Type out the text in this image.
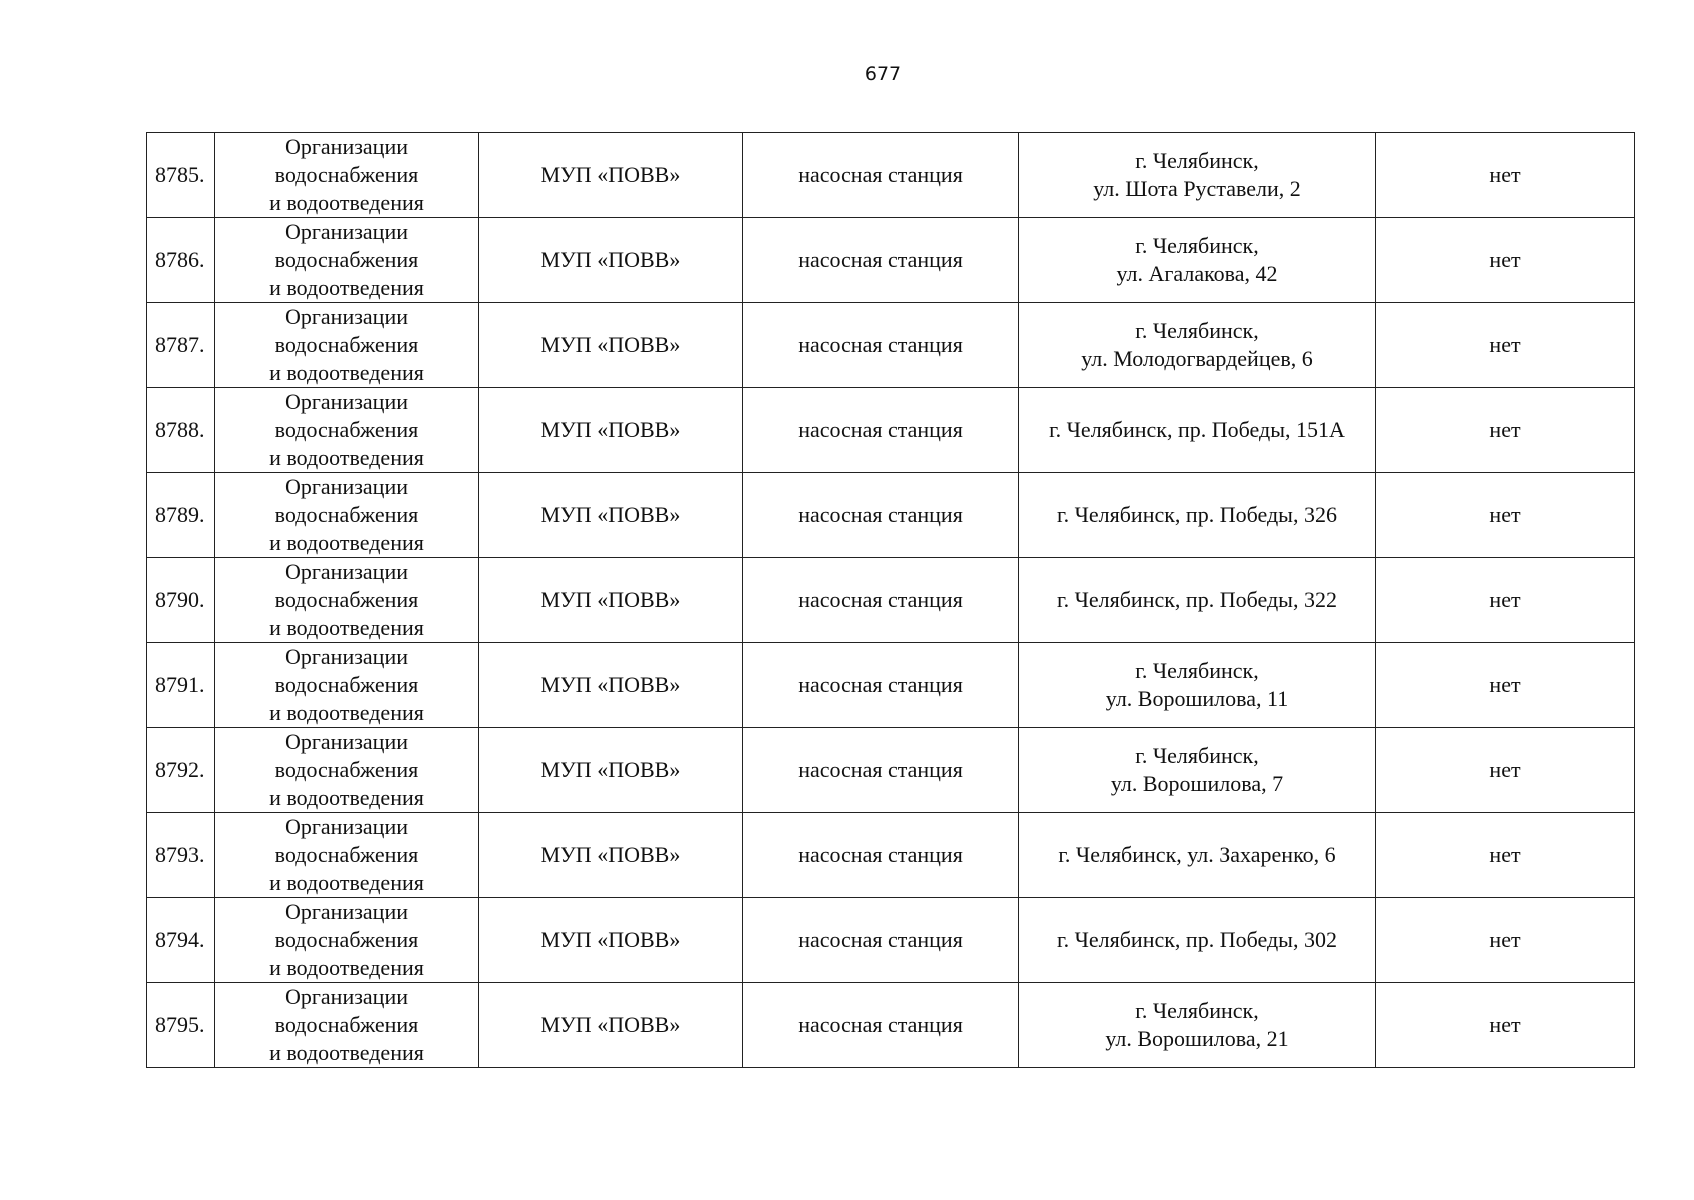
677
8785.	Организации
водоснабжения
и водоотведения	МУП «ПОВВ»	насосная станция	г. Челябинск,
ул. Шота Руставели, 2	нет
8786.	Организации
водоснабжения
и водоотведения	МУП «ПОВВ»	насосная станция	г. Челябинск,
ул. Агалакова, 42	нет
8787.	Организации
водоснабжения
и водоотведения	МУП «ПОВВ»	насосная станция	г. Челябинск,
ул. Молодогвардейцев, 6	нет
8788.	Организации
водоснабжения
и водоотведения	МУП «ПОВВ»	насосная станция	г. Челябинск, пр. Победы, 151А	нет
8789.	Организации
водоснабжения
и водоотведения	МУП «ПОВВ»	насосная станция	г. Челябинск, пр. Победы, 326	нет
8790.	Организации
водоснабжения
и водоотведения	МУП «ПОВВ»	насосная станция	г. Челябинск, пр. Победы, 322	нет
8791.	Организации
водоснабжения
и водоотведения	МУП «ПОВВ»	насосная станция	г. Челябинск,
ул. Ворошилова, 11	нет
8792.	Организации
водоснабжения
и водоотведения	МУП «ПОВВ»	насосная станция	г. Челябинск,
ул. Ворошилова, 7	нет
8793.	Организации
водоснабжения
и водоотведения	МУП «ПОВВ»	насосная станция	г. Челябинск, ул. Захаренко, 6	нет
8794.	Организации
водоснабжения
и водоотведения	МУП «ПОВВ»	насосная станция	г. Челябинск, пр. Победы, 302	нет
8795.	Организации
водоснабжения
и водоотведения	МУП «ПОВВ»	насосная станция	г. Челябинск,
ул. Ворошилова, 21	нет
